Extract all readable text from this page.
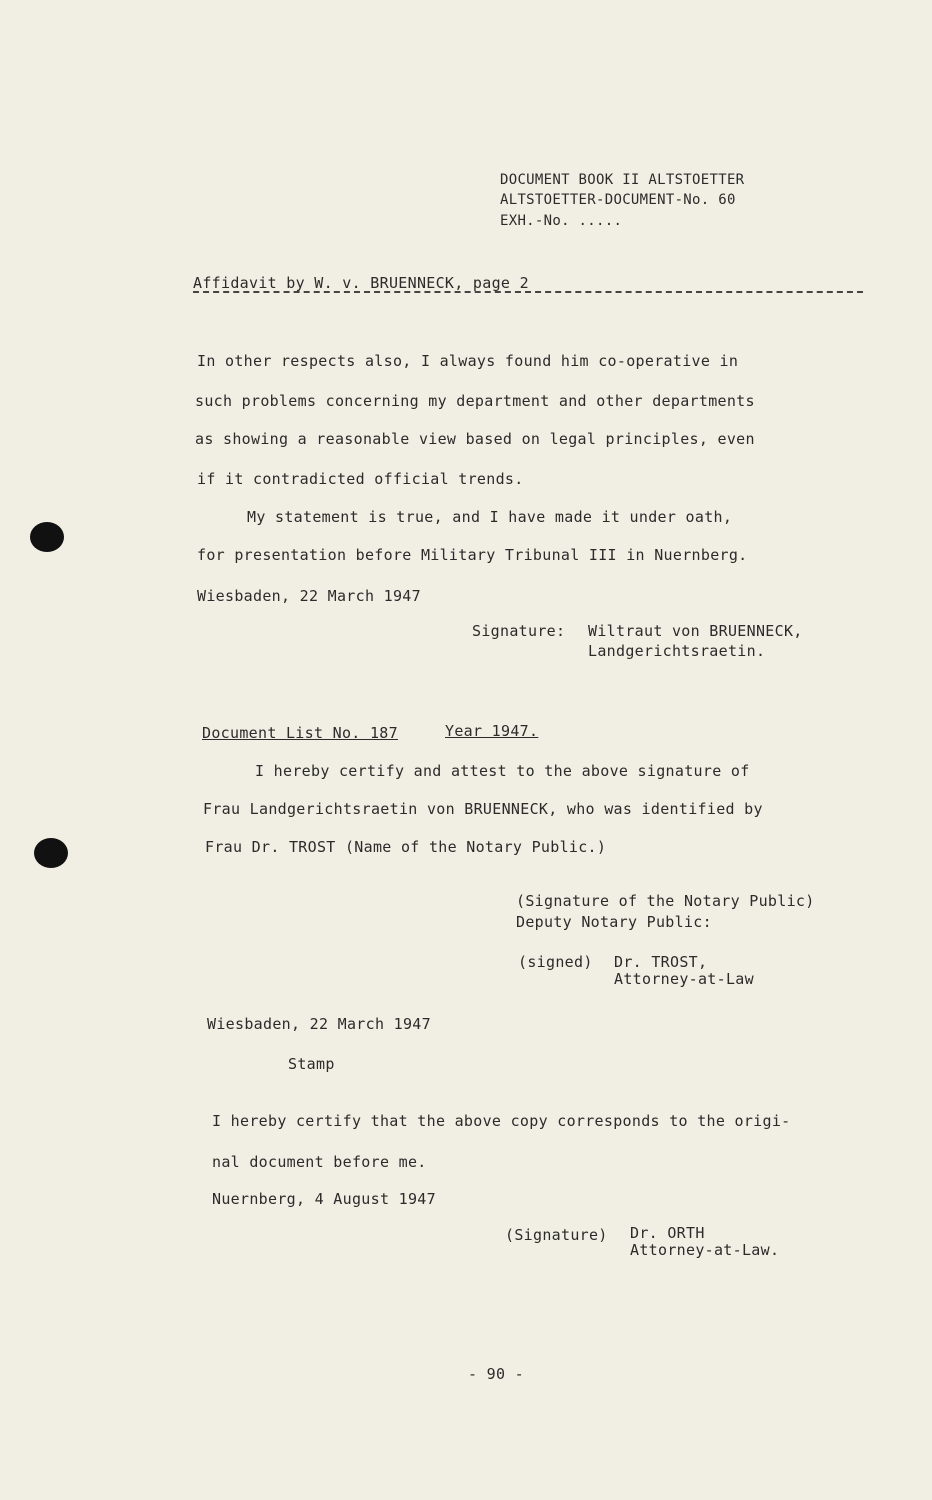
DOCUMENT BOOK II ALTSTOETTER
ALTSTOETTER-DOCUMENT-No. 60
EXH.-No. .....
Affidavit by W. v. BRUENNECK, page 2
In other respects also, I always found him co-operative in
such problems concerning my department and other departments
as showing a reasonable view based on legal principles, even
if it contradicted official trends.
My statement is true, and I have made it under oath,
for presentation before Military Tribunal III in Nuernberg.
Wiesbaden, 22 March 1947
Signature: Wiltraut von BRUENNECK,
Landgerichtsraetin.
Document List No. 187	Year 1947.
I hereby certify and attest to the above signature of
Frau Landgerichtsraetin von BRUENNECK, who was identified by
Frau Dr. TROST (Name of the Notary Public.)
(Signature of the Notary Public)
Deputy Notary Public:
(signed) Dr. TROST,
Attorney-at-Law
Wiesbaden, 22 March 1947
Stamp
I hereby certify that the above copy corresponds to the origi-
nal document before me.
Nuernberg, 4 August 1947
(Signature) Dr. ORTH
Attorney-at-Law.
- 90 -
